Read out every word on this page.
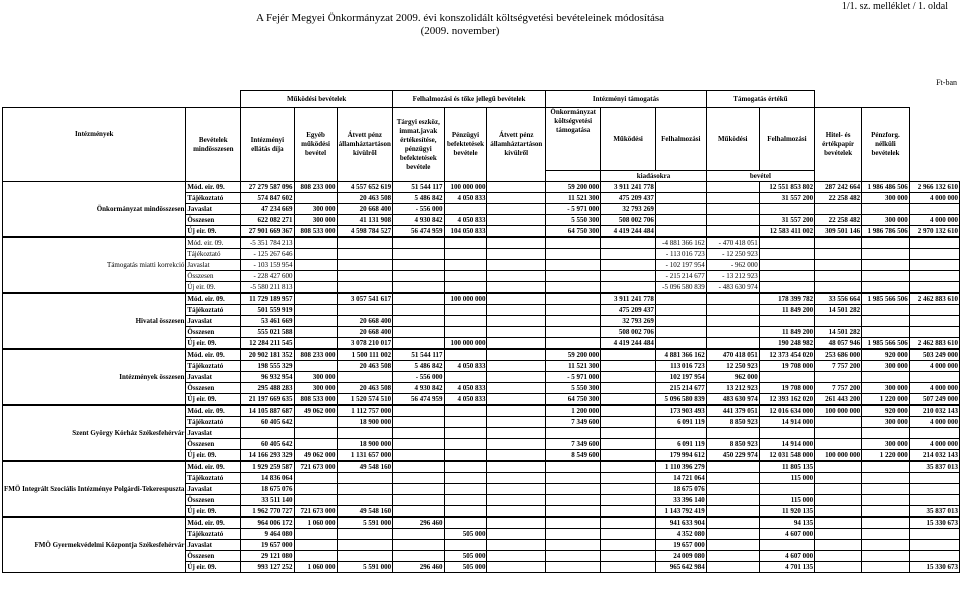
A Fejér Megyei Önkormányzat 2009. évi konszolidált költségvetési bevételeinek módosítása
(2009. november)
1/1. sz. melléklet / 1. oldal
Ft-ban
		Működési bevételek			Felhalmozási és tőke jellegű bevételek			Intézményi támogatás			Támogatás értékű				
Intézmények	Bevételek mindösszesen	Intézményi ellátás díja	Egyéb működési bevétel	Átvett pénz államháztartáson kívülről	Tárgyi eszköz, immat.javak értékesítése, pénzügyi befektetések bevétele	Pénzügyi befektetések bevétele	Átvett pénz államháztartáson kívülről	Önkormányzat költségvetési támogatása	Működési	Felhalmozási	Működési	Felhalmozási	Hitel- és értékpapír bevételek	Pénzforg. nélküli bevételek	
									kiadásokra		bevétel				
Önkormányzat mindösszesen	Mód. eir. 09.	27 279 587 096	808 233 000	4 557 652 619	51 544 117	100 000 000		59 200 000	3 911 241 778			12 551 853 802	287 242 664	1 986 486 506	2 966 132 610
	Tájékoztató	574 847 602		20 463 508	5 486 842	4 050 833		11 521 300	475 209 437			31 557 200	22 258 482	300 000	4 000 000
	Javaslat	47 234 669	300 000	20 668 400	- 556 000			- 5 971 000	32 793 269						
	Összesen	622 082 271	300 000	41 131 908	4 930 842	4 050 833		5 550 300	508 002 706			31 557 200	22 258 482	300 000	4 000 000
	Új eir. 09.	27 901 669 367	808 533 000	4 598 784 527	56 474 959	104 050 833		64 750 300	4 419 244 484			12 583 411 002	309 501 146	1 986 786 506	2 970 132 610
Támogatás miatti korrekció	Mód. eir. 09.	-5 351 784 213								-4 881 366 162	- 470 418 051				
	Tájékoztató	- 125 267 646								- 113 016 723	- 12 250 923				
	Javaslat	- 103 159 954								- 102 197 954	- 962 000				
	Összesen	- 228 427 600								- 215 214 677	- 13 212 923				
	Új eir. 09.	-5 580 211 813								-5 096 580 839	- 483 630 974				
Hivatal összesen	Mód. eir. 09.	11 729 189 957		3 057 541 617		100 000 000			3 911 241 778			178 399 782	33 556 664	1 985 566 506	2 462 883 610
	Tájékoztató	501 559 919							475 209 437			11 849 200	14 501 282		
	Javaslat	53 461 669		20 668 400					32 793 269						
	Összesen	555 021 588		20 668 400					508 002 706			11 849 200	14 501 282		
	Új eir. 09.	12 284 211 545		3 078 210 017		100 000 000			4 419 244 484			190 248 982	48 057 946	1 985 566 506	2 462 883 610
Intézmények összesen	Mód. eir. 09.	20 902 181 352	808 233 000	1 500 111 002	51 544 117			59 200 000		4 881 366 162	470 418 051	12 373 454 020	253 686 000	920 000	503 249 000
	Tájékoztató	198 555 329		20 463 508	5 486 842	4 050 833		11 521 300		113 016 723	12 250 923	19 708 000	7 757 200	300 000	4 000 000
	Javaslat	96 932 954	300 000		- 556 000			- 5 971 000		102 197 954	962 000				
	Összesen	295 488 283	300 000	20 463 508	4 930 842	4 050 833		5 550 300		215 214 677	13 212 923	19 708 000	7 757 200	300 000	4 000 000
	Új eir. 09.	21 197 669 635	808 533 000	1 520 574 510	56 474 959	4 050 833		64 750 300		5 096 580 839	483 630 974	12 393 162 020	261 443 200	1 220 000	507 249 000
Szent György Kórház Székesfehérvár	Mód. eir. 09.	14 105 887 687	49 062 000	1 112 757 000				1 200 000		173 903 493	441 379 051	12 016 634 000	100 000 000	920 000	210 032 143
	Tájékoztató	60 405 642		18 900 000				7 349 600		6 091 119	8 850 923	14 914 000		300 000	4 000 000
	Javaslat														
	Összesen	60 405 642		18 900 000				7 349 600		6 091 119	8 850 923	14 914 000		300 000	4 000 000
	Új eir. 09.	14 166 293 329	49 062 000	1 131 657 000				8 549 600		179 994 612	450 229 974	12 031 548 000	100 000 000	1 220 000	214 032 143
FMÖ Integrált Szociális Intézménye Polgárdi-Tekerespuszta	Mód. eir. 09.	1 929 259 587	721 673 000	49 548 160						1 110 396 279		11 805 135			35 837 013
	Tájékoztató	14 836 064								14 721 064		115 000			
	Javaslat	18 675 076								18 675 076					
	Összesen	33 511 140								33 396 140		115 000			
	Új eir. 09.	1 962 770 727	721 673 000	49 548 160						1 143 792 419		11 920 135			35 837 013
FMÖ Gyermekvédelmi Központja Székesfehérvár	Mód. eir. 09.	964 006 172	1 060 000	5 591 000	296 460					941 633 904		94 135			15 330 673
	Tájékoztató	9 464 080				505 000				4 352 080		4 607 000			
	Javaslat	19 657 000								19 657 000					
	Összesen	29 121 080				505 000				24 009 080		4 607 000			
	Új eir. 09.	993 127 252	1 060 000	5 591 000	296 460	505 000				965 642 984		4 701 135			15 330 673
